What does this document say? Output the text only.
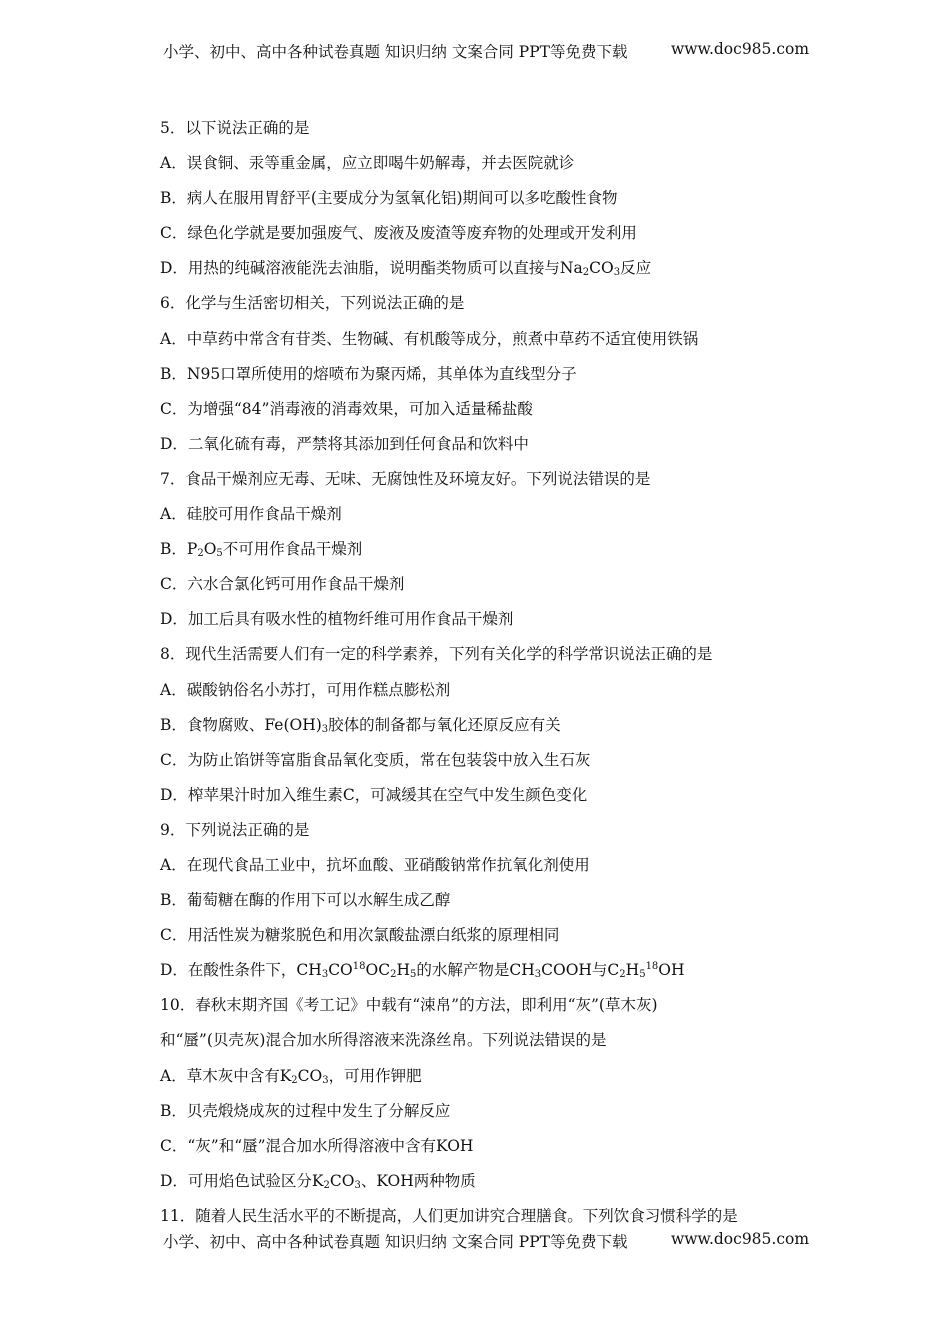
小学、初中、高中各种试卷真题 知识归纳 文案合同 PPT等免费下载	www.doc985.com
5．以下说法正确的是
A．误食铜、汞等重金属，应立即喝牛奶解毒，并去医院就诊
B．病人在服用胃舒平(主要成分为氢氧化铝)期间可以多吃酸性食物
C．绿色化学就是要加强废气、废液及废渣等废弃物的处理或开发利用
D．用热的纯碱溶液能洗去油脂，说明酯类物质可以直接与$Na_2CO_3$反应
6．化学与生活密切相关，下列说法正确的是
A．中草药中常含有苷类、生物碱、有机酸等成分，煎煮中草药不适宜使用铁锅
B．N95口罩所使用的熔喷布为聚丙烯，其单体为直线型分子
C．为增强“84”消毒液的消毒效果，可加入适量稀盐酸
D．二氧化硫有毒，严禁将其添加到任何食品和饮料中
7．食品干燥剂应无毒、无味、无腐蚀性及环境友好。下列说法错误的是
A．硅胶可用作食品干燥剂
B．$P_2O_5$不可用作食品干燥剂
C．六水合氯化钙可用作食品干燥剂
D．加工后具有吸水性的植物纤维可用作食品干燥剂
8．现代生活需要人们有一定的科学素养，下列有关化学的科学常识说法正确的是
A．碳酸钠俗名小苏打，可用作糕点膨松剂
B．食物腐败、$Fe(OH)_3$胶体的制备都与氧化还原反应有关
C．为防止馅饼等富脂食品氧化变质，常在包装袋中放入生石灰
D．榨苹果汁时加入维生素C，可减缓其在空气中发生颜色变化
9．下列说法正确的是
A．在现代食品工业中，抗坏血酸、亚硝酸钠常作抗氧化剂使用
B．葡萄糖在酶的作用下可以水解生成乙醇
C．用活性炭为糖浆脱色和用次氯酸盐漂白纸浆的原理相同
D．在酸性条件下，$CH_3CO^{18}OC_2H_5$的水解产物是$CH_3COOH$与$C_2H_5^{18}OH$
10．春秋末期齐国《考工记》中载有“涑帛”的方法，即利用“灰”(草木灰)
和“蜃”(贝壳灰)混合加水所得溶液来洗涤丝帛。下列说法错误的是
A．草木灰中含有$K_2CO_3$，可用作钾肥
B．贝壳煅烧成灰的过程中发生了分解反应
C．“灰”和“蜃”混合加水所得溶液中含有KOH
D．可用焰色试验区分$K_2CO_3$、KOH两种物质
11．随着人民生活水平的不断提高，人们更加讲究合理膳食。下列饮食习惯科学的是
小学、初中、高中各种试卷真题 知识归纳 文案合同 PPT等免费下载	www.doc985.com
